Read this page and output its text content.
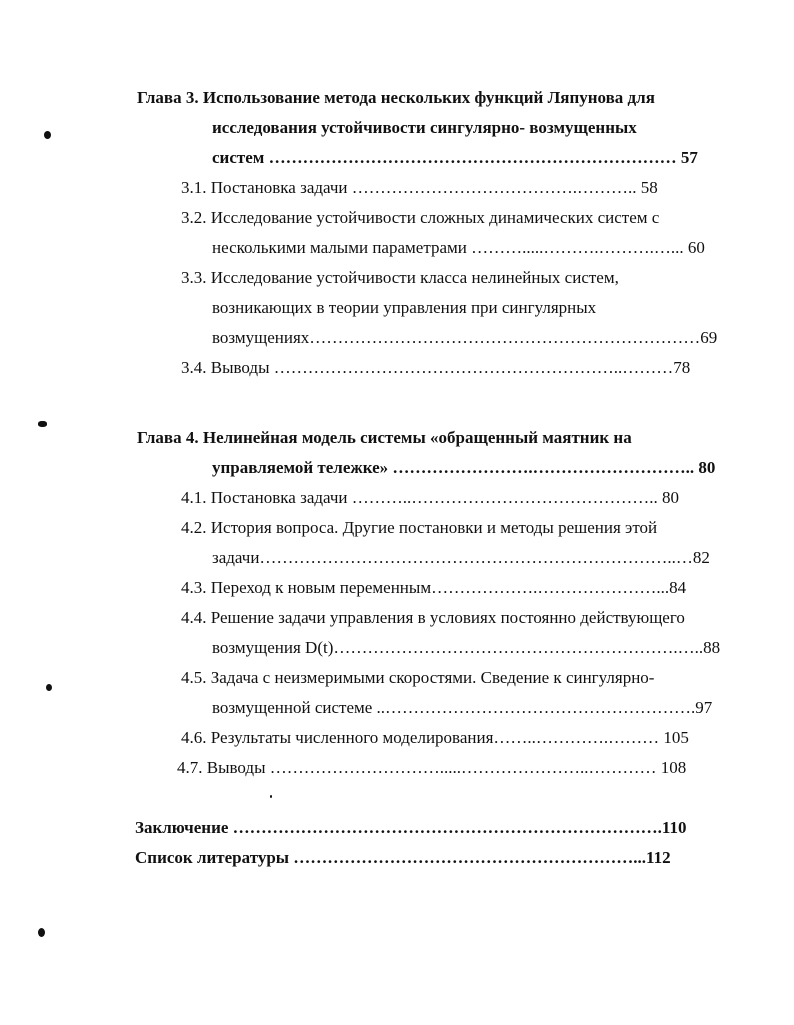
Глава 3. Использование метода нескольких функций Ляпунова для
исследования устойчивости сингулярно- возмущенных
систем ……………………………………………………………… 57
3.1. Постановка задачи ………………………………….……….. 58
3.2. Исследование устойчивости сложных динамических систем с
несколькими малыми параметрами ……….....……….……….…... 60
3.3. Исследование устойчивости класса нелинейных систем,
возникающих в теории управления при сингулярных
возмущениях……………………………………………………………69
3.4. Выводы ……………………………………………………..………78
Глава 4. Нелинейная модель системы «обращенный маятник на
управляемой тележке» …………………….……………………….. 80
4.1. Постановка задачи ………..…………………………………….. 80
4.2. История вопроса. Другие постановки и методы решения этой
задачи………………………………………………………………..…82
4.3. Переход к новым переменным……………….…………………...84
4.4. Решение задачи управления в условиях постоянно действующего
возмущения D(t)…………………………………………………….…..88
4.5. Задача с неизмеримыми скоростями. Сведение к сингулярно-
возмущенной системе ..……………………………………………….97
4.6. Результаты численного моделирования……..………….……… 105
4.7. Выводы ………………………….....…………………..………… 108
Заключение ………………………………………………………………….110
Список литературы ……………………………………………………...112
